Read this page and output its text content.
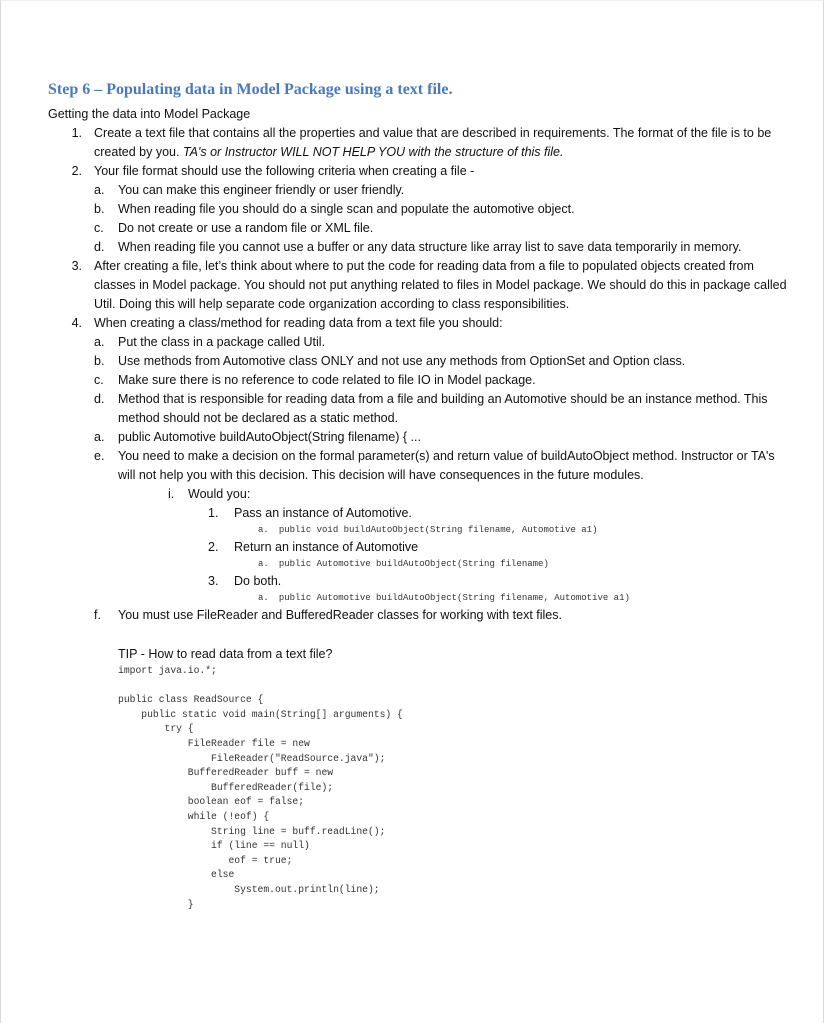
Step 6 – Populating data in Model Package using a text file.
Getting the data into Model Package
1. Create a text file that contains all the properties and value that are described in requirements. The format of the file is to be created by you. TA's or Instructor WILL NOT HELP YOU with the structure of this file.
2. Your file format should use the following criteria when creating a file -
a.	You can make this engineer friendly or user friendly.
b.	When reading file you should do a single scan and populate the automotive object.
c.	Do not create or use a random file or XML file.
d.	When reading file you cannot use a buffer or any data structure like array list to save data temporarily in memory.
3. After creating a file, let’s think about where to put the code for reading data from a file to populated objects created from classes in Model package. You should not put anything related to files in Model package. We should do this in package called Util. Doing this will help separate code organization according to class responsibilities.
4. When creating a class/method for reading data from a text file you should:
a.	Put the class in a package called Util.
b.	Use methods from Automotive class ONLY and not use any methods from OptionSet and Option class.
c.	Make sure there is no reference to code related to file IO in Model package.
d.	Method that is responsible for reading data from a file and building an Automotive should be an instance method. This method should not be declared as a static method.
a.	public Automotive buildAutoObject(String filename) { ...
e.	You need to make a decision on the formal parameter(s) and return value of buildAutoObject method. Instructor or TA's will not help you with this decision. This decision will have consequences in the future modules.
i.	Would you:
1.	Pass an instance of Automotive.
a. public void buildAutoObject(String filename, Automotive a1)
2.	Return an instance of Automotive
a. public Automotive buildAutoObject(String filename)
3.	Do both.
a. public Automotive buildAutoObject(String filename, Automotive a1)
f.	You must use FileReader and BufferedReader classes for working with text files.
TIP - How to read data from a text file?
import java.io.*;

public class ReadSource {
public static void main(String[] arguments) {
try {
FileReader file = new
FileReader("ReadSource.java");
BufferedReader buff = new
BufferedReader(file);
boolean eof = false;
while (!eof) {
String line = buff.readLine();
if (line == null)
eof = true;
else
System.out.println(line);
}
